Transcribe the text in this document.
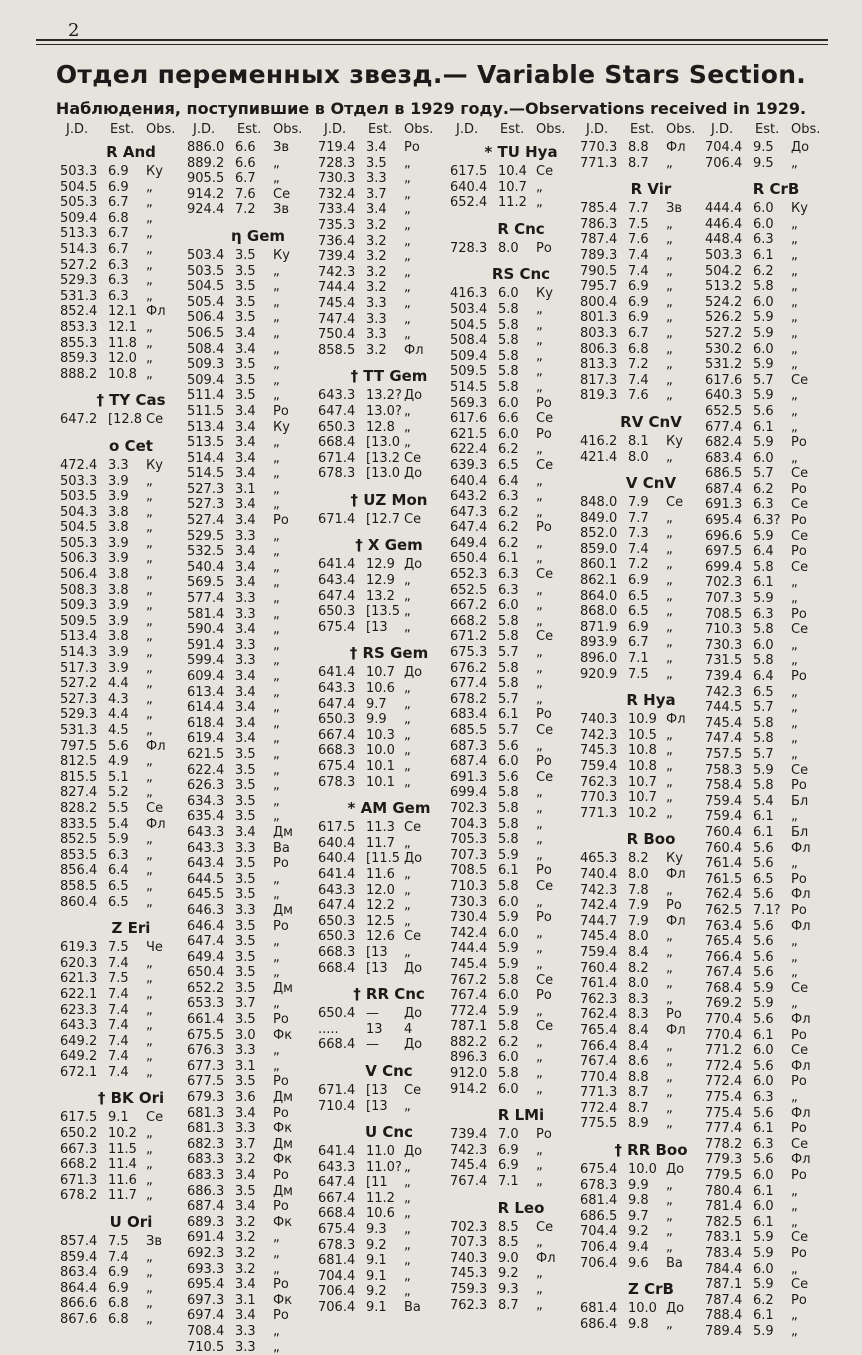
2
Отдел переменных звезд.— Variable Stars Section.
Наблюдения, поступившие в Отдел в 1929 году.—Observations received in 1929.
J.D. Est. Obs.
R And
503.3 6.9 Ку
504.5 6.9 „
505.3 6.7 „
509.4 6.8 „
513.3 6.7 „
514.3 6.7 „
527.2 6.3 „
529.3 6.3 „
531.3 6.3 „
852.4 12.1 Фл
853.3 12.1 „
855.3 11.8 „
859.3 12.0 „
888.2 10.8 „
† TY Cas
647.2 [12.8 Се
ο Cet
472.4 3.3 Ку
503.3 3.9 „
503.5 3.9 „
504.3 3.8 „
504.5 3.8 „
505.3 3.9 „
506.3 3.9 „
506.4 3.8 „
508.3 3.8 „
509.3 3.9 „
509.5 3.9 „
513.4 3.8 „
514.3 3.9 „
517.3 3.9 „
527.2 4.4 „
527.3 4.3 „
529.3 4.4 „
531.3 4.5 „
797.5 5.6 Фл
812.5 4.9 „
815.5 5.1 „
827.4 5.2 „
828.2 5.5 Се
833.5 5.4 Фл
852.5 5.9 „
853.5 6.3 „
856.4 6.4 „
858.5 6.5 „
860.4 6.5 „
Z Eri
619.3 7.5 Че
620.3 7.4 „
621.3 7.5 „
622.1 7.4 „
623.3 7.4 „
643.3 7.4 „
649.2 7.4 „
649.2 7.4 „
672.1 7.4 „
† BK Ori
617.5 9.1 Се
650.2 10.2 „
667.3 11.5 „
668.2 11.4 „
671.3 11.6 „
678.2 11.7 „
U Ori
857.4 7.5 Зв
859.4 7.4 „
863.4 6.9 „
864.4 6.9 „
866.6 6.8 „
867.6 6.8 „
J.D. Est. Obs.
886.0 6.6 Зв
889.2 6.6 „
905.5 6.7 „
914.2 7.6 Се
924.4 7.2 Зв
η Gem
503.4 3.5 Ку
503.5 3.5 „
504.5 3.5 „
505.4 3.5 „
506.4 3.5 „
506.5 3.4 „
508.4 3.4 „
509.3 3.5 „
509.4 3.5 „
511.4 3.5 „
511.5 3.4 Ро
513.4 3.4 Ку
513.5 3.4 „
514.4 3.4 „
514.5 3.4 „
527.3 3.1 „
527.3 3.4 „
527.4 3.4 Ро
529.5 3.3 „
532.5 3.4 „
540.4 3.4 „
569.5 3.4 „
577.4 3.3 „
581.4 3.3 „
590.4 3.4 „
591.4 3.3 „
599.4 3.3 „
609.4 3.4 „
613.4 3.4 „
614.4 3.4 „
618.4 3.4 „
619.4 3.4 „
621.5 3.5 „
622.4 3.5 „
626.3 3.5 „
634.3 3.5 „
635.4 3.5 „
643.3 3.4 Дм
643.3 3.3 Ва
643.4 3.5 Ро
644.5 3.5 „
645.5 3.5 „
646.3 3.3 Дм
646.4 3.5 Ро
647.4 3.5 „
649.4 3.5 „
650.4 3.5 „
652.2 3.5 Дм
653.3 3.7 „
661.4 3.5 Ро
675.5 3.0 Фк
676.3 3.3 „
677.3 3.1 „
677.5 3.5 Ро
679.3 3.6 Дм
681.3 3.4 Ро
681.3 3.3 Фк
682.3 3.7 Дм
683.3 3.2 Фк
683.3 3.4 Ро
686.3 3.5 Дм
687.4 3.4 Ро
689.3 3.2 Фк
691.4 3.2 „
692.3 3.2 „
693.3 3.2 „
695.4 3.4 Ро
697.3 3.1 Фк
697.4 3.4 Ро
708.4 3.3 „
710.5 3.3 „
J.D. Est. Obs.
719.4 3.4 Ро
728.3 3.5 „
730.3 3.3 „
732.4 3.7 „
733.4 3.4 „
735.3 3.2 „
736.4 3.2 „
739.4 3.2 „
742.3 3.2 „
744.4 3.2 „
745.4 3.3 „
747.4 3.3 „
750.4 3.3 „
858.5 3.2 Фл
† TT Gem
643.3 13.2? До
647.4 13.0? „
650.3 12.8 „
668.4 [13.0 „
671.4 [13.2 Се
678.3 [13.0 До
† UZ Mon
671.4 [12.7 Се
† X Gem
641.4 12.9 До
643.4 12.9 „
647.4 13.2 „
650.3 [13.5 „
675.4 [13 „
† RS Gem
641.4 10.7 До
643.3 10.6 „
647.4 9.7 „
650.3 9.9 „
667.4 10.3 „
668.3 10.0 „
675.4 10.1 „
678.3 10.1 „
* AM Gem
617.5 11.3 Се
640.4 11.7 „
640.4 [11.5 До
641.4 11.6 „
643.3 12.0 „
647.4 12.2 „
650.3 12.5 „
650.3 12.6 Се
668.3 [13 „
668.4 [13 До
† RR Cnc
650.4 — До
..... 13 4
668.4 — До
V Cnc
671.4 [13 Се
710.4 [13 „
U Cnc
641.4 11.0 До
643.3 11.0? „
647.4 [11 „
667.4 11.2 „
668.4 10.6 „
675.4 9.3 „
678.3 9.2 „
681.4 9.1 „
704.4 9.1 „
706.4 9.2 „
706.4 9.1 Ва
J.D. Est. Obs.
* TU Hya
617.5 10.4 Се
640.4 10.7 „
652.4 11.2 „
R Cnc
728.3 8.0 Ро
RS Cnc
416.3 6.0 Ку
503.4 5.8 „
504.5 5.8 „
508.4 5.8 „
509.4 5.8 „
509.5 5.8 „
514.5 5.8 „
569.3 6.0 Ро
617.6 6.6 Се
621.5 6.0 Ро
622.4 6.2 „
639.3 6.5 Се
640.4 6.4 „
643.2 6.3 „
647.3 6.2 „
647.4 6.2 Ро
649.4 6.2 „
650.4 6.1 „
652.3 6.3 Се
652.5 6.3 „
667.2 6.0 „
668.2 5.8 „
671.2 5.8 Се
675.3 5.7 „
676.2 5.8 „
677.4 5.8 „
678.2 5.7 „
683.4 6.1 Ро
685.5 5.7 Се
687.3 5.6 „
687.4 6.0 Ро
691.3 5.6 Се
699.4 5.8 „
702.3 5.8 „
704.3 5.8 „
705.3 5.8 „
707.3 5.9 „
708.5 6.1 Ро
710.3 5.8 Се
730.3 6.0 „
730.4 5.9 Ро
742.4 6.0 „
744.4 5.9 „
745.4 5.9 „
767.2 5.8 Се
767.4 6.0 Ро
772.4 5.9 „
787.1 5.8 Се
882.2 6.2 „
896.3 6.0 „
912.0 5.8 „
914.2 6.0 „
R LMi
739.4 7.0 Ро
742.3 6.9 „
745.4 6.9 „
767.4 7.1 „
R Leo
702.3 8.5 Се
707.3 8.5 „
740.3 9.0 Фл
745.3 9.2 „
759.3 9.3 „
762.3 8.7 „
J.D. Est. Obs.
770.3 8.8 Фл
771.3 8.7 „
R Vir
785.4 7.7 Зв
786.3 7.5 „
787.4 7.6 „
789.3 7.4 „
790.5 7.4 „
795.7 6.9 „
800.4 6.9 „
801.3 6.9 „
803.3 6.7 „
806.3 6.8 „
813.3 7.2 „
817.3 7.4 „
819.3 7.6 „
RV CnV
416.2 8.1 Ку
421.4 8.0 „
V CnV
848.0 7.9 Се
849.0 7.7 „
852.0 7.3 „
859.0 7.4 „
860.1 7.2 „
862.1 6.9 „
864.0 6.5 „
868.0 6.5 „
871.9 6.9 „
893.9 6.7 „
896.0 7.1 „
920.9 7.5 „
R Hya
740.3 10.9 Фл
742.3 10.5 „
745.3 10.8 „
759.4 10.8 „
762.3 10.7 „
770.3 10.7 „
771.3 10.2 „
R Boo
465.3 8.2 Ку
740.4 8.0 Фл
742.3 7.8 „
742.4 7.9 Ро
744.7 7.9 Фл
745.4 8.0 „
759.4 8.4 „
760.4 8.2 „
761.4 8.0 „
762.3 8.3 „
762.4 8.3 Ро
765.4 8.4 Фл
766.4 8.4 „
767.4 8.6 „
770.4 8.8 „
771.3 8.7 „
772.4 8.7 „
775.5 8.9 „
† RR Boo
675.4 10.0 До
678.3 9.9 „
681.4 9.8 „
686.5 9.7 „
704.4 9.2 „
706.4 9.4 „
706.4 9.6 Ва
Z CrB
681.4 10.0 До
686.4 9.8 „
J.D. Est. Obs.
704.4 9.5 До
706.4 9.5 „
R CrB
444.4 6.0 Ку
446.4 6.0 „
448.4 6.3 „
503.3 6.1 „
504.2 6.2 „
513.2 5.8 „
524.2 6.0 „
526.2 5.9 „
527.2 5.9 „
530.2 6.0 „
531.2 5.9 „
617.6 5.7 Се
640.3 5.9 „
652.5 5.6 „
677.4 6.1 „
682.4 5.9 Ро
683.4 6.0 „
686.5 5.7 Се
687.4 6.2 Ро
691.3 6.3 Се
695.4 6.3? Ро
696.6 5.9 Се
697.5 6.4 Ро
699.4 5.8 Се
702.3 6.1 „
707.3 5.9 „
708.5 6.3 Ро
710.3 5.8 Се
730.3 6.0 „
731.5 5.8 „
739.4 6.4 Ро
742.3 6.5 „
744.5 5.7 „
745.4 5.8 „
747.4 5.8 „
757.5 5.7 „
758.3 5.9 Се
758.4 5.8 Ро
759.4 5.4 Бл
759.4 6.1 „
760.4 6.1 Бл
760.4 5.6 Фл
761.4 5.6 „
761.5 6.5 Ро
762.4 5.6 Фл
762.5 7.1? Ро
763.4 5.6 Фл
765.4 5.6 „
766.4 5.6 „
767.4 5.6 „
768.4 5.9 Се
769.2 5.9 „
770.4 5.6 Фл
770.4 6.1 Ро
771.2 6.0 Се
772.4 5.6 Фл
772.4 6.0 Ро
775.4 6.3 „
775.4 5.6 Фл
777.4 6.1 Ро
778.2 6.3 Се
779.3 5.6 Фл
779.5 6.0 Ро
780.4 6.1 „
781.4 6.0 „
782.5 6.1 „
783.1 5.9 Се
783.4 5.9 Ро
784.4 6.0 „
787.1 5.9 Се
787.4 6.2 Ро
788.4 6.1 „
789.4 5.9 „
